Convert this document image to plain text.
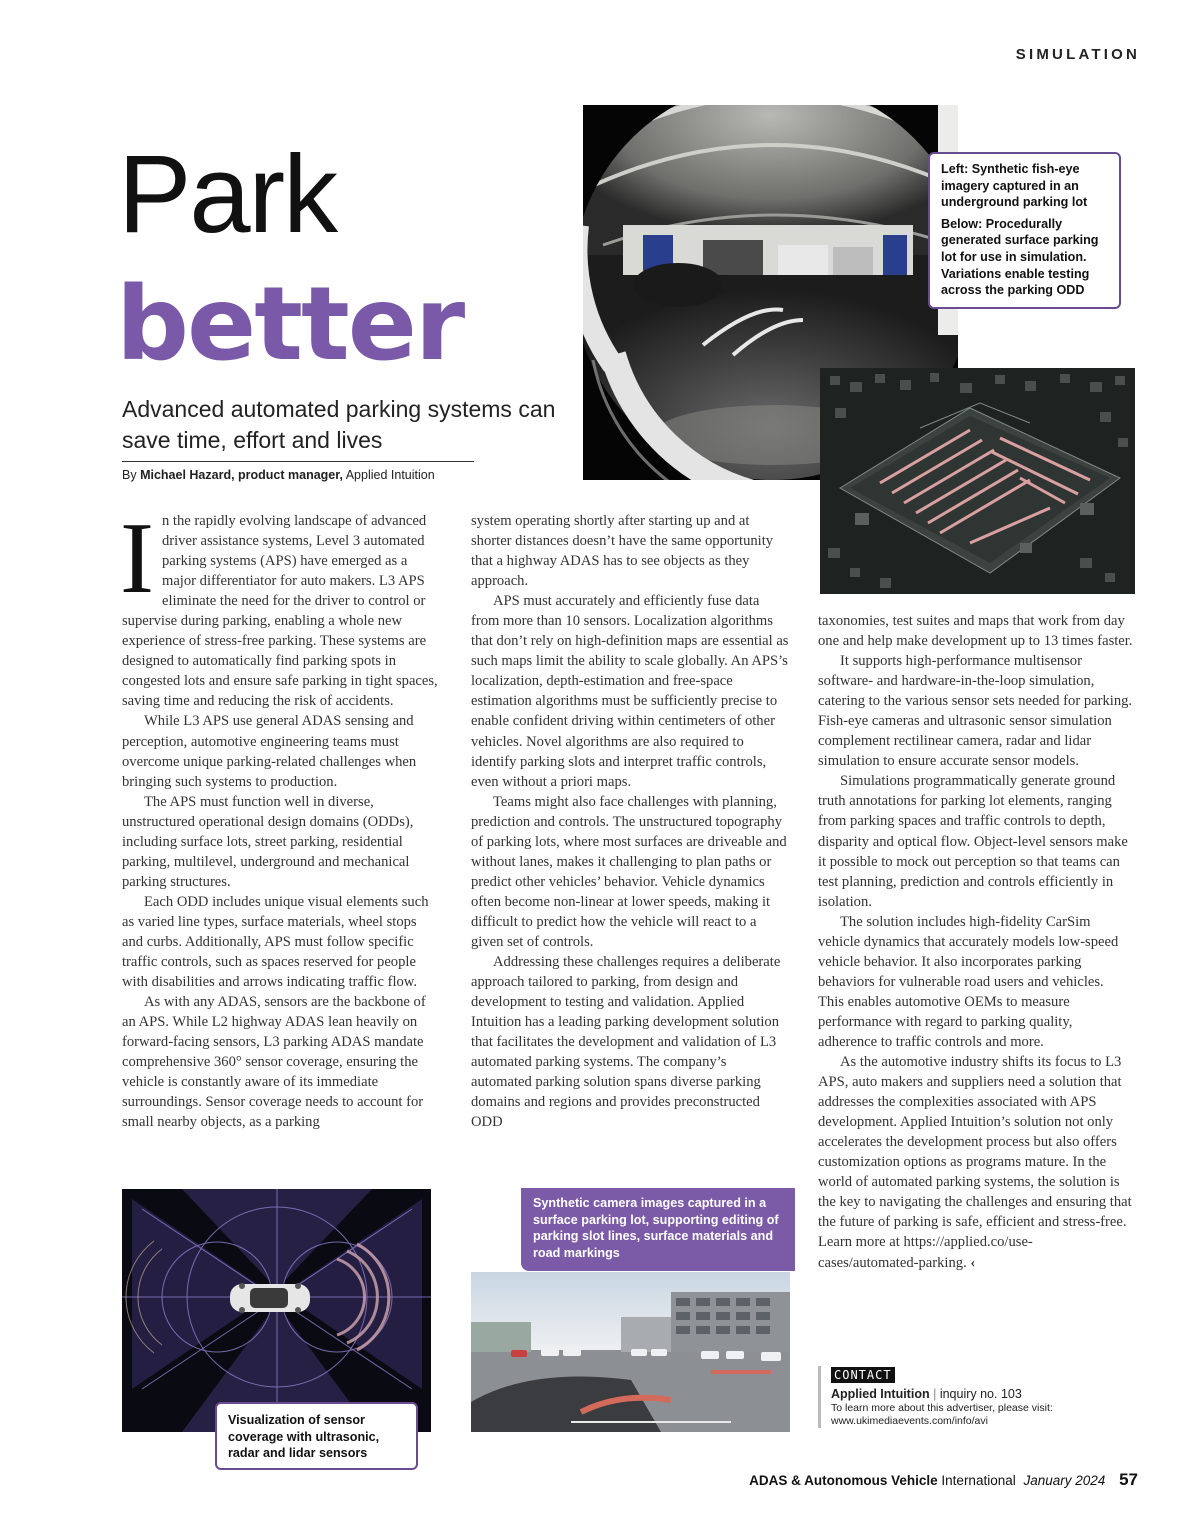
SIMULATION
Park
better
Advanced automated parking systems can save time, effort and lives
By Michael Hazard, product manager, Applied Intuition

Left: Synthetic fish-eye imagery captured in an underground parking lot

Below: Procedurally generated surface parking lot for use in simulation. Variations enable testing across the parking ODD

I n the rapidly evolving landscape of advanced driver assistance systems, Level 3 automated parking systems (APS) have emerged as a major differentiator for auto makers. L3 APS eliminate the need for the driver to control or supervise during parking, enabling a whole new experience of stress-free parking. These systems are designed to automatically find parking spots in congested lots and ensure safe parking in tight spaces, saving time and reducing the risk of accidents.

While L3 APS use general ADAS sensing and perception, automotive engineering teams must overcome unique parking-related challenges when bringing such systems to production.

The APS must function well in diverse, unstructured operational design domains (ODDs), including surface lots, street parking, residential parking, multilevel, underground and mechanical parking structures.

Each ODD includes unique visual elements such as varied line types, surface materials, wheel stops and curbs. Additionally, APS must follow specific traffic controls, such as spaces reserved for people with disabilities and arrows indicating traffic flow.

As with any ADAS, sensors are the backbone of an APS. While L2 highway ADAS lean heavily on forward-facing sensors, L3 parking ADAS mandate comprehensive 360° sensor coverage, ensuring the vehicle is constantly aware of its immediate surroundings. Sensor coverage needs to account for small nearby objects, as a parking

system operating shortly after starting up and at shorter distances doesn’t have the same opportunity that a highway ADAS has to see objects as they approach.

APS must accurately and efficiently fuse data from more than 10 sensors. Localization algorithms that don’t rely on high-definition maps are essential as such maps limit the ability to scale globally. An APS’s localization, depth-estimation and free-space estimation algorithms must be sufficiently precise to enable confident driving within centimeters of other vehicles. Novel algorithms are also required to identify parking slots and interpret traffic controls, even without a priori maps.

Teams might also face challenges with planning, prediction and controls. The unstructured topography of parking lots, where most surfaces are driveable and without lanes, makes it challenging to plan paths or predict other vehicles’ behavior. Vehicle dynamics often become non-linear at lower speeds, making it difficult to predict how the vehicle will react to a given set of controls.

Addressing these challenges requires a deliberate approach tailored to parking, from design and development to testing and validation. Applied Intuition has a leading parking development solution that facilitates the development and validation of L3 automated parking systems. The company’s automated parking solution spans diverse parking domains and regions and provides preconstructed ODD

taxonomies, test suites and maps that work from day one and help make development up to 13 times faster.

It supports high-performance multisensor software- and hardware-in-the-loop simulation, catering to the various sensor sets needed for parking. Fish-eye cameras and ultrasonic sensor simulation complement rectilinear camera, radar and lidar simulation to ensure accurate sensor models.

Simulations programmatically generate ground truth annotations for parking lot elements, ranging from parking spaces and traffic controls to depth, disparity and optical flow. Object-level sensors make it possible to mock out perception so that teams can test planning, prediction and controls efficiently in isolation.

The solution includes high-fidelity CarSim vehicle dynamics that accurately models low-speed vehicle behavior. It also incorporates parking behaviors for vulnerable road users and vehicles. This enables automotive OEMs to measure performance with regard to parking quality, adherence to traffic controls and more.

As the automotive industry shifts its focus to L3 APS, auto makers and suppliers need a solution that addresses the complexities associated with APS development. Applied Intuition’s solution not only accelerates the development process but also offers customization options as programs mature. In the world of automated parking systems, the solution is the key to navigating the challenges and ensuring that the future of parking is safe, efficient and stress-free. Learn more at https://applied.co/use-cases/automated-parking. ‹

Visualization of sensor coverage with ultrasonic, radar and lidar sensors

Synthetic camera images captured in a surface parking lot, supporting editing of parking slot lines, surface materials and road markings

CONTACT
Applied Intuition | inquiry no. 103
To learn more about this advertiser, please visit: www.ukimediaevents.com/info/avi
ADAS & Autonomous Vehicle International January 2024 57
